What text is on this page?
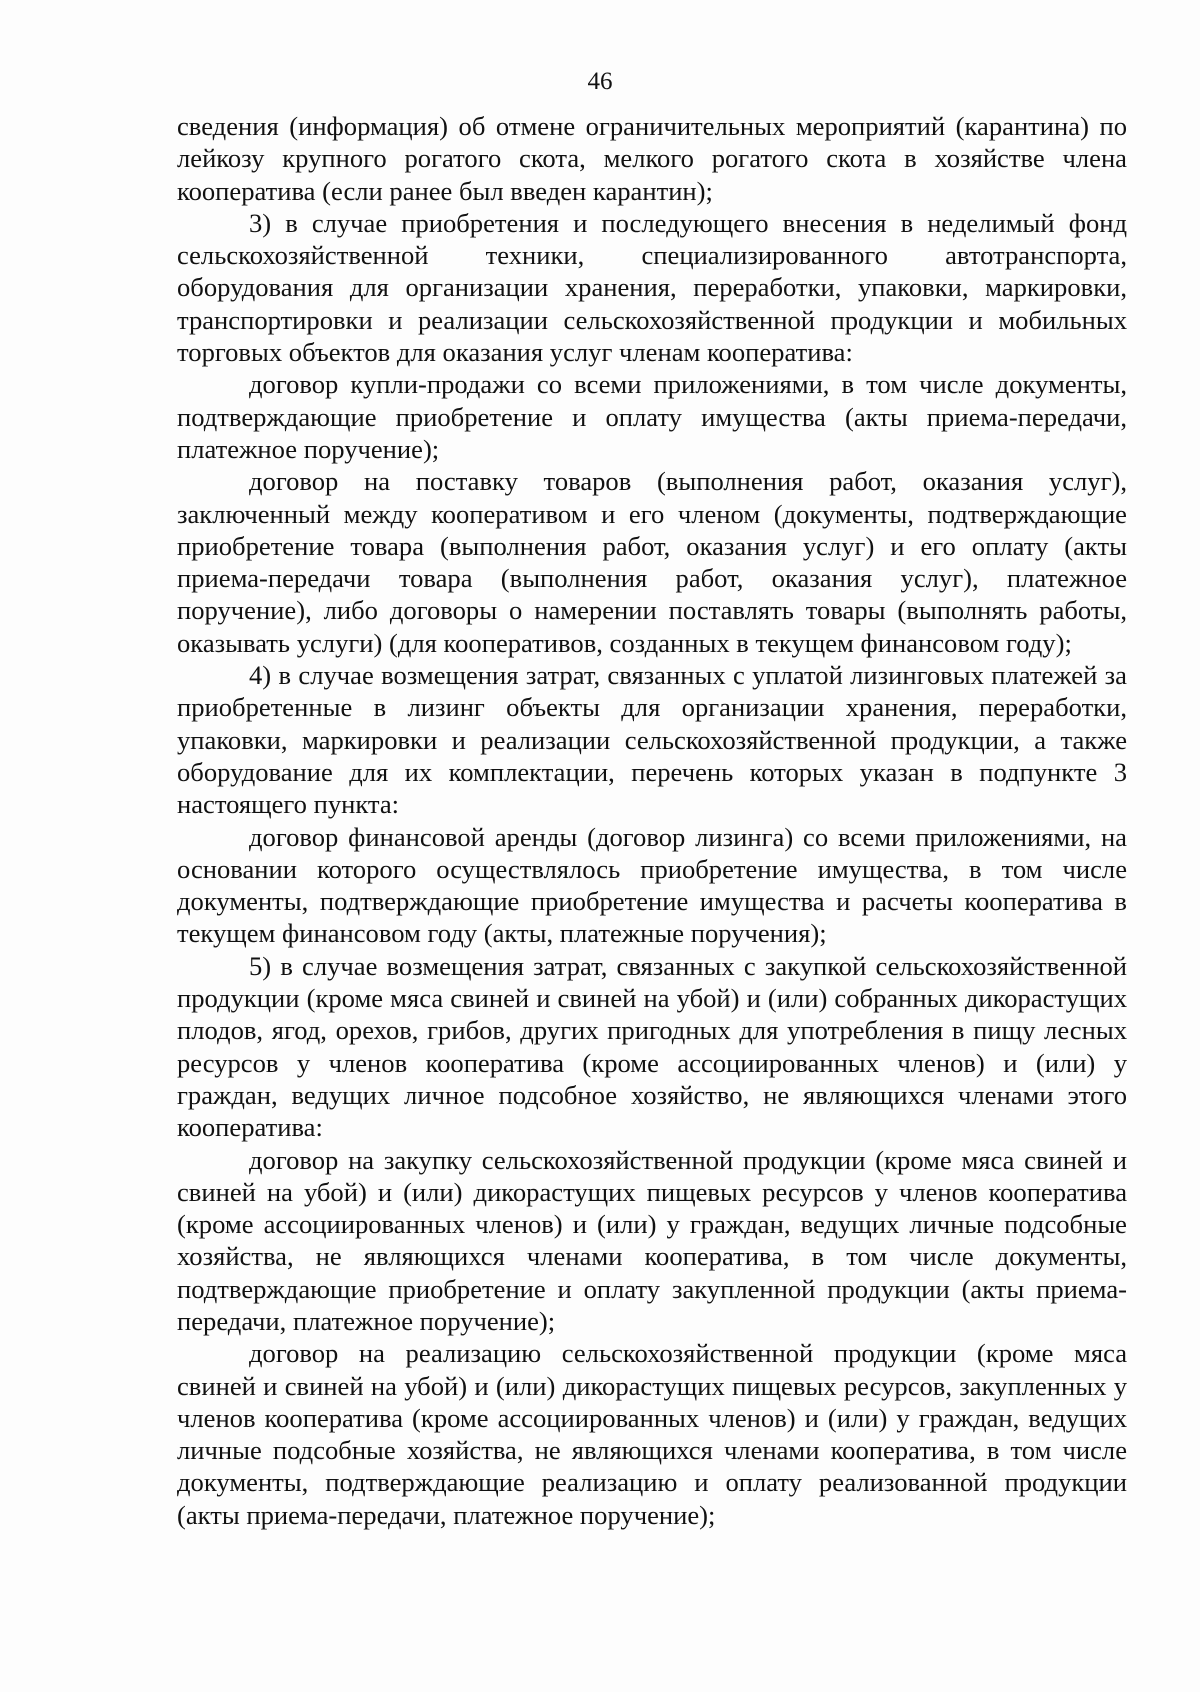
46

сведения (информация) об отмене ограничительных мероприятий (карантина) по лейкозу крупного рогатого скота, мелкого рогатого скота в хозяйстве члена кооператива (если ранее был введен карантин);

3) в случае приобретения и последующего внесения в неделимый фонд сельскохозяйственной техники, специализированного автотранспорта, оборудования для организации хранения, переработки, упаковки, маркировки, транспортировки и реализации сельскохозяйственной продукции и мобильных торговых объектов для оказания услуг членам кооператива:

договор купли-продажи со всеми приложениями, в том числе документы, подтверждающие приобретение и оплату имущества (акты приема-передачи, платежное поручение);

договор на поставку товаров (выполнения работ, оказания услуг), заключенный между кооперативом и его членом (документы, подтверждающие приобретение товара (выполнения работ, оказания услуг) и его оплату (акты приема-передачи товара (выполнения работ, оказания услуг), платежное поручение), либо договоры о намерении поставлять товары (выполнять работы, оказывать услуги) (для кооперативов, созданных в текущем финансовом году);

4) в случае возмещения затрат, связанных с уплатой лизинговых платежей за приобретенные в лизинг объекты для организации хранения, переработки, упаковки, маркировки и реализации сельскохозяйственной продукции, а также оборудование для их комплектации, перечень которых указан в подпункте 3 настоящего пункта:

договор финансовой аренды (договор лизинга) со всеми приложениями, на основании которого осуществлялось приобретение имущества, в том числе документы, подтверждающие приобретение имущества и расчеты кооператива в текущем финансовом году (акты, платежные поручения);

5) в случае возмещения затрат, связанных с закупкой сельскохозяйственной продукции (кроме мяса свиней и свиней на убой) и (или) собранных дикорастущих плодов, ягод, орехов, грибов, других пригодных для употребления в пищу лесных ресурсов у членов кооператива (кроме ассоциированных членов) и (или) у граждан, ведущих личное подсобное хозяйство, не являющихся членами этого кооператива:

договор на закупку сельскохозяйственной продукции (кроме мяса свиней и свиней на убой) и (или) дикорастущих пищевых ресурсов у членов кооператива (кроме ассоциированных членов) и (или) у граждан, ведущих личные подсобные хозяйства, не являющихся членами кооператива, в том числе документы, подтверждающие приобретение и оплату закупленной продукции (акты приема-передачи, платежное поручение);

договор на реализацию сельскохозяйственной продукции (кроме мяса свиней и свиней на убой) и (или) дикорастущих пищевых ресурсов, закупленных у членов кооператива (кроме ассоциированных членов) и (или) у граждан, ведущих личные подсобные хозяйства, не являющихся членами кооператива, в том числе документы, подтверждающие реализацию и оплату реализованной продукции (акты приема-передачи, платежное поручение);
